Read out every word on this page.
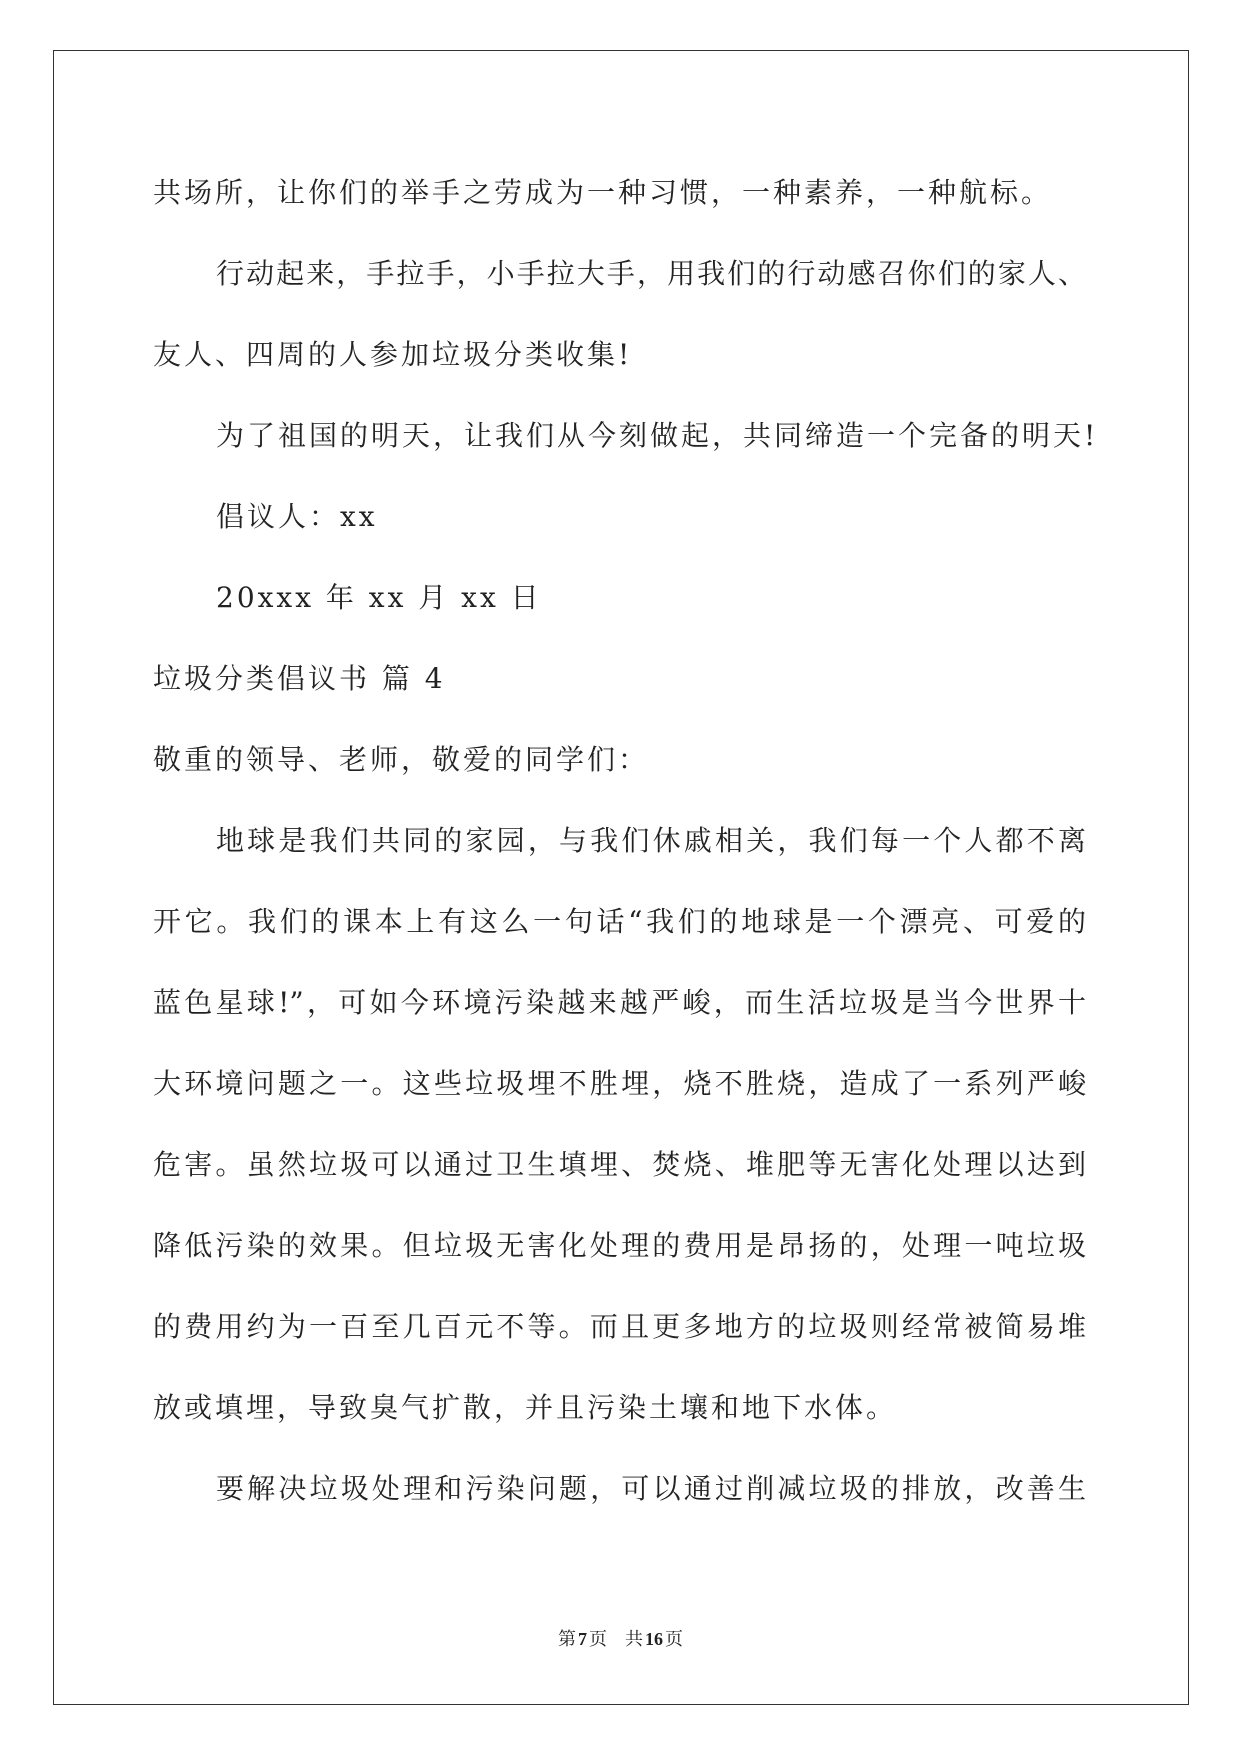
共场所，让你们的举手之劳成为一种习惯，一种素养，一种航标。
行动起来，手拉手，小手拉大手，用我们的行动感召你们的家人、
友人、四周的人参加垃圾分类收集!
为了祖国的明天，让我们从今刻做起，共同缔造一个完备的明天!
倡议人：xx
20xxx 年 xx 月 xx 日
垃圾分类倡议书 篇 4
敬重的领导、老师，敬爱的同学们：
地球是我们共同的家园，与我们休戚相关，我们每一个人都不离
开它。我们的课本上有这么一句话“我们的地球是一个漂亮、可爱的
蓝色星球!”，可如今环境污染越来越严峻，而生活垃圾是当今世界十
大环境问题之一。这些垃圾埋不胜埋，烧不胜烧，造成了一系列严峻
危害。虽然垃圾可以通过卫生填埋、焚烧、堆肥等无害化处理以达到
降低污染的效果。但垃圾无害化处理的费用是昂扬的，处理一吨垃圾
的费用约为一百至几百元不等。而且更多地方的垃圾则经常被简易堆
放或填埋，导致臭气扩散，并且污染土壤和地下水体。
要解决垃圾处理和污染问题，可以通过削减垃圾的排放，改善生
第 7 页 共 16 页
